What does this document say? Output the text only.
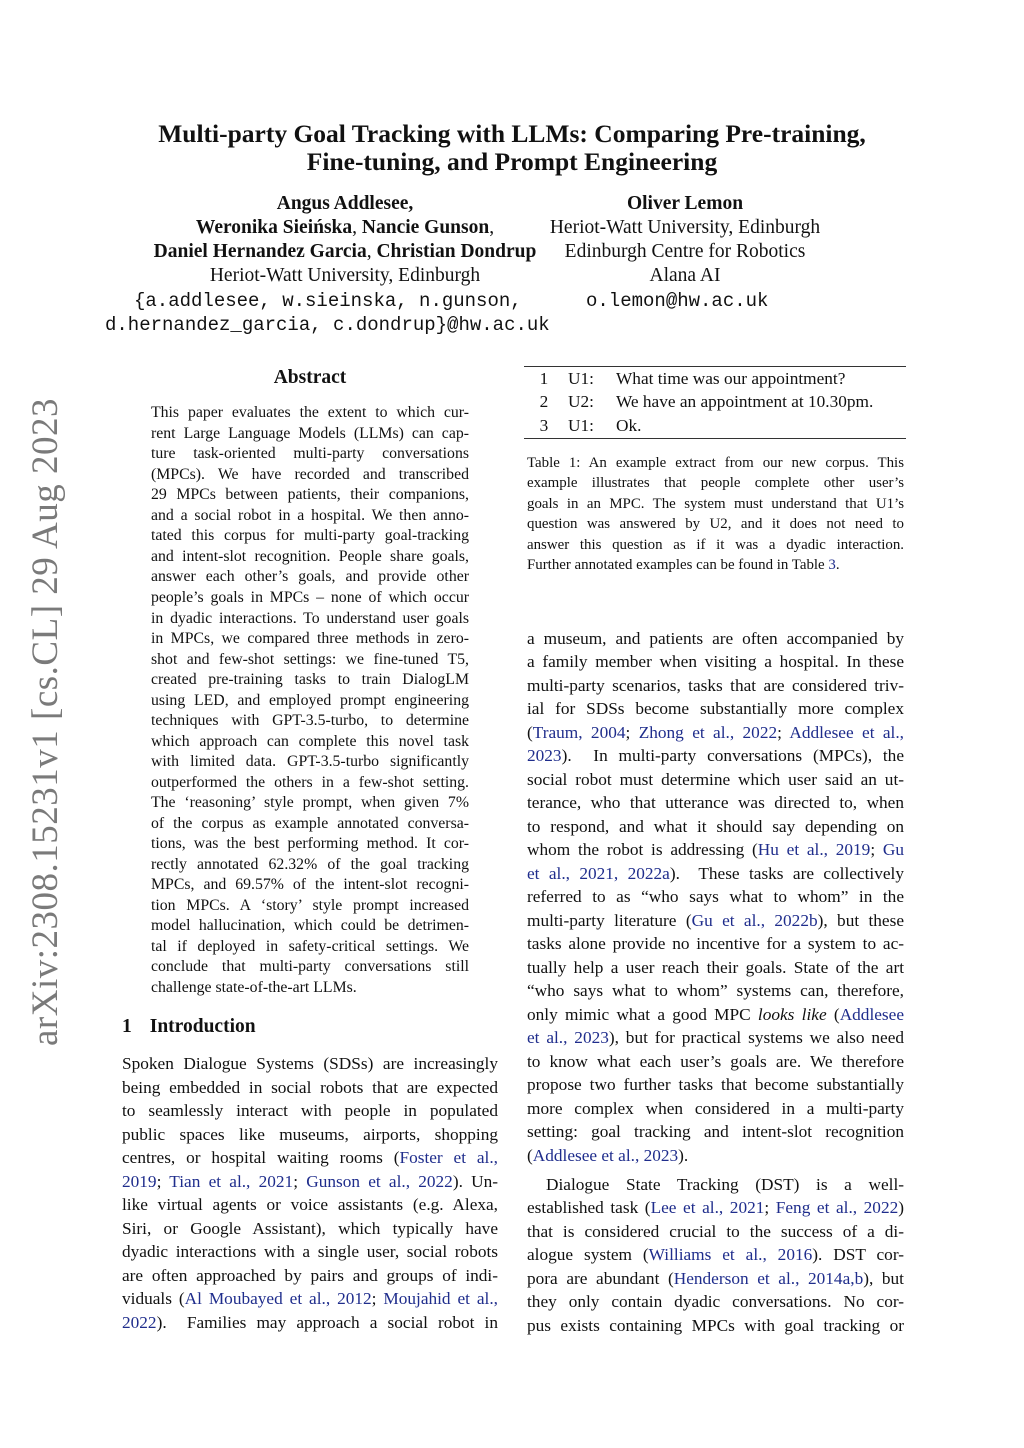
arXiv:2308.15231v1 [cs.CL] 29 Aug 2023
Multi-party Goal Tracking with LLMs: Comparing Pre-training,
Fine-tuning, and Prompt Engineering
Angus Addlesee,
Weronika Sieińska, Nancie Gunson,
Daniel Hernandez Garcia, Christian Dondrup
Heriot-Watt University, Edinburgh
{a.addlesee, w.sieinska, n.gunson,
d.hernandez_garcia, c.dondrup}@hw.ac.uk
Oliver Lemon
Heriot-Watt University, Edinburgh
Edinburgh Centre for Robotics
Alana AI
o.lemon@hw.ac.uk
Abstract
This paper evaluates the extent to which cur-
rent Large Language Models (LLMs) can cap-
ture task-oriented multi-party conversations
(MPCs). We have recorded and transcribed
29 MPCs between patients, their companions,
and a social robot in a hospital. We then anno-
tated this corpus for multi-party goal-tracking
and intent-slot recognition. People share goals,
answer each other’s goals, and provide other
people’s goals in MPCs – none of which occur
in dyadic interactions. To understand user goals
in MPCs, we compared three methods in zero-
shot and few-shot settings: we fine-tuned T5,
created pre-training tasks to train DialogLM
using LED, and employed prompt engineering
techniques with GPT-3.5-turbo, to determine
which approach can complete this novel task
with limited data. GPT-3.5-turbo significantly
outperformed the others in a few-shot setting.
The ‘reasoning’ style prompt, when given 7%
of the corpus as example annotated conversa-
tions, was the best performing method. It cor-
rectly annotated 62.32% of the goal tracking
MPCs, and 69.57% of the intent-slot recogni-
tion MPCs. A ‘story’ style prompt increased
model hallucination, which could be detrimen-
tal if deployed in safety-critical settings. We
conclude that multi-party conversations still
challenge state-of-the-art LLMs.
1 Introduction
Spoken Dialogue Systems (SDSs) are increasingly
being embedded in social robots that are expected
to seamlessly interact with people in populated
public spaces like museums, airports, shopping
centres, or hospital waiting rooms (Foster et al.,
2019; Tian et al., 2021; Gunson et al., 2022). Un-
like virtual agents or voice assistants (e.g. Alexa,
Siri, or Google Assistant), which typically have
dyadic interactions with a single user, social robots
are often approached by pairs and groups of indi-
viduals (Al Moubayed et al., 2012; Moujahid et al.,
2022).  Families may approach a social robot in
1	U1:	What time was our appointment?
2	U2:	We have an appointment at 10.30pm.
3	U1:	Ok.
Table 1: An example extract from our new corpus. This
example illustrates that people complete other user’s
goals in an MPC. The system must understand that U1’s
question was answered by U2, and it does not need to
answer this question as if it was a dyadic interaction.
Further annotated examples can be found in Table 3.
a museum, and patients are often accompanied by
a family member when visiting a hospital. In these
multi-party scenarios, tasks that are considered triv-
ial for SDSs become substantially more complex
(Traum, 2004; Zhong et al., 2022; Addlesee et al.,
2023).  In multi-party conversations (MPCs), the
social robot must determine which user said an ut-
terance, who that utterance was directed to, when
to respond, and what it should say depending on
whom the robot is addressing (Hu et al., 2019; Gu
et al., 2021, 2022a).  These tasks are collectively
referred to as “who says what to whom” in the
multi-party literature (Gu et al., 2022b), but these
tasks alone provide no incentive for a system to ac-
tually help a user reach their goals. State of the art
“who says what to whom” systems can, therefore,
only mimic what a good MPC looks like (Addlesee
et al., 2023), but for practical systems we also need
to know what each user’s goals are. We therefore
propose two further tasks that become substantially
more complex when considered in a multi-party
setting: goal tracking and intent-slot recognition
(Addlesee et al., 2023).
Dialogue State Tracking (DST) is a well-
established task (Lee et al., 2021; Feng et al., 2022)
that is considered crucial to the success of a di-
alogue system (Williams et al., 2016). DST cor-
pora are abundant (Henderson et al., 2014a,b), but
they only contain dyadic conversations. No cor-
pus exists containing MPCs with goal tracking or
